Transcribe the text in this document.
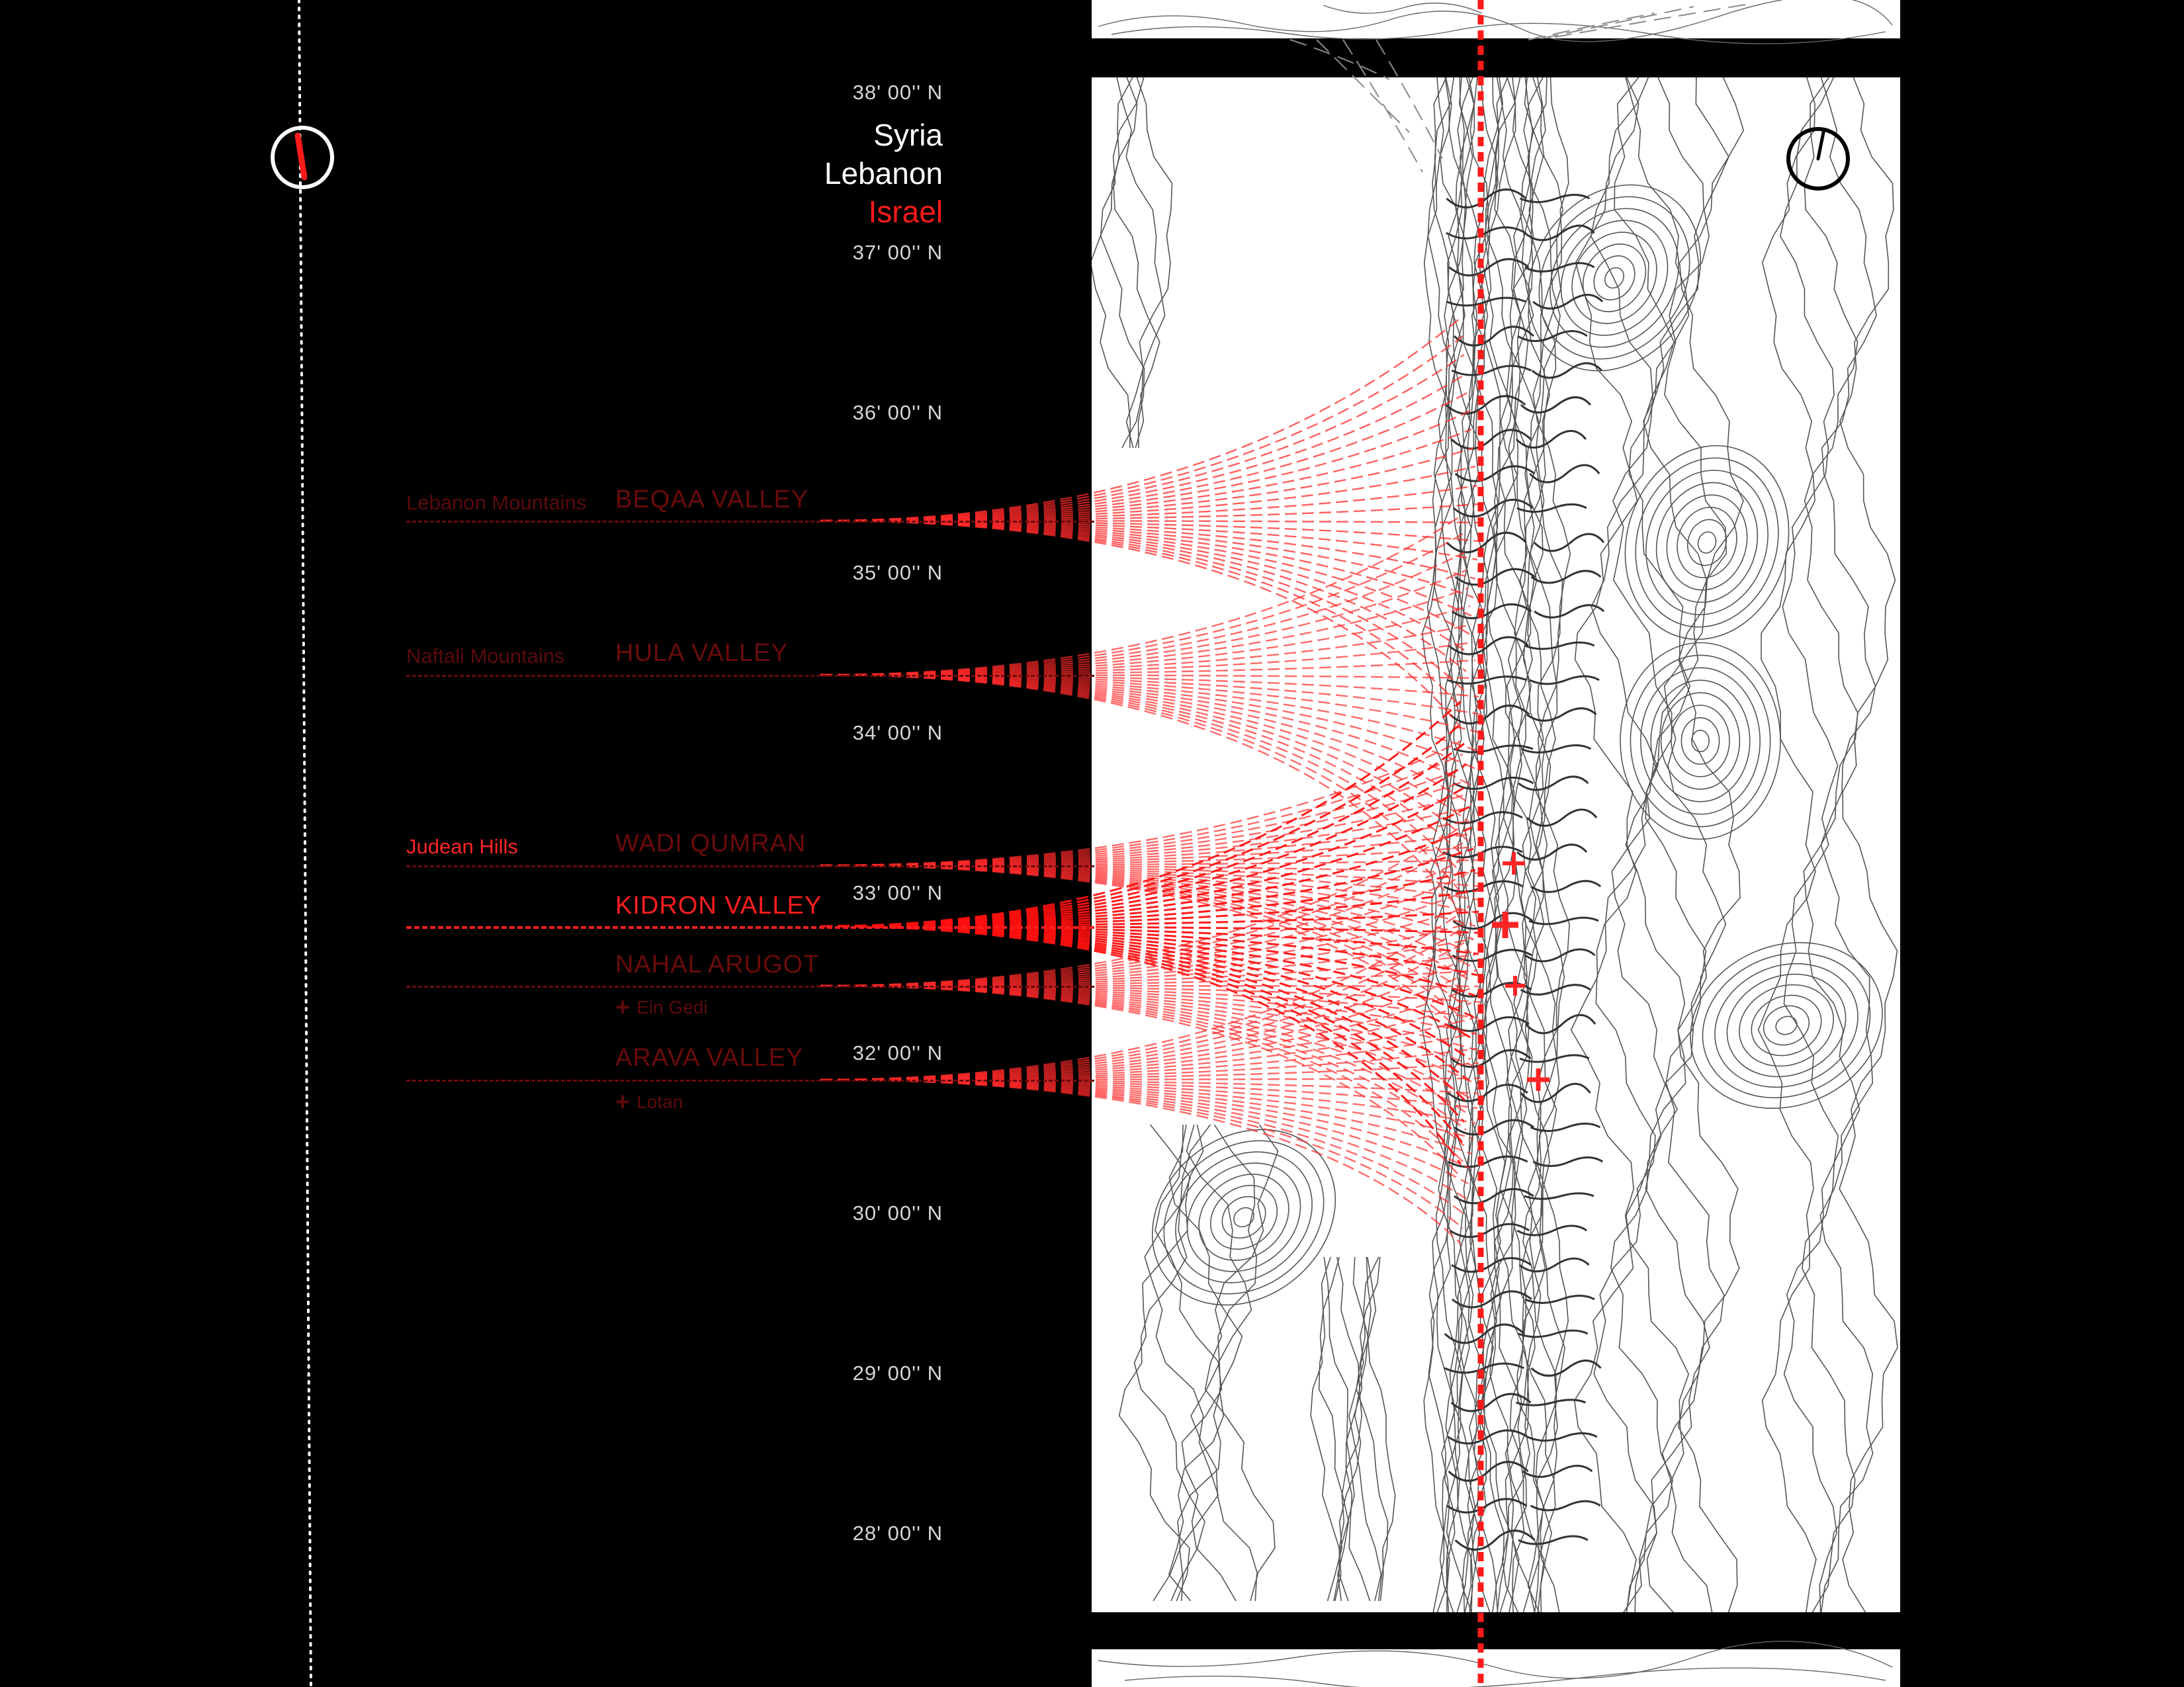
38' 00'' N
37' 00'' N
36' 00'' N
35' 00'' N
34' 00'' N
33' 00'' N
32' 00'' N
30' 00'' N
29' 00'' N
28' 00'' N
Syria
Lebanon
Israel
Lebanon Mountains
Naftali Mountains
Judean Hills
BEQAA VALLEY
HULA VALLEY
WADI QUMRAN
KIDRON VALLEY
NAHAL ARUGOT
ARAVA VALLEY
+ Ein Gedi
+ Lotan
